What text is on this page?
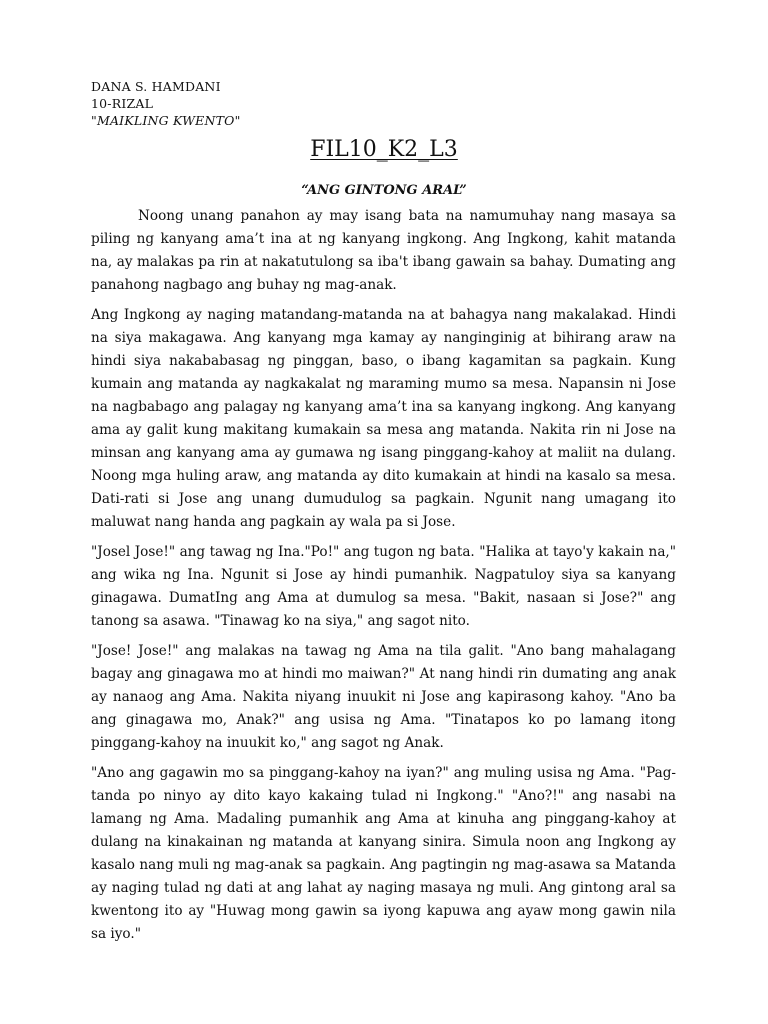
DANA S. HAMDANI
10-RIZAL
"MAIKLING KWENTO"
FIL10_K2_L3
“ANG GINTONG ARAL”

Noong unang panahon ay may isang bata na namumuhay nang masaya sa piling ng kanyang ama’t ina at ng kanyang ingkong. Ang Ingkong, kahit matanda na, ay malakas pa rin at nakatutulong sa iba't ibang gawain sa bahay. Dumating ang panahong nagbago ang buhay ng mag-anak.

Ang Ingkong ay naging matandang-matanda na at bahagya nang makalakad. Hindi na siya makagawa. Ang kanyang mga kamay ay nanginginig at bihirang araw na hindi siya nakababasag ng pinggan, baso, o ibang kagamitan sa pagkain. Kung kumain ang matanda ay nagkakalat ng maraming mumo sa mesa. Napansin ni Jose na nagbabago ang palagay ng kanyang ama’t ina sa kanyang ingkong. Ang kanyang ama ay galit kung makitang kumakain sa mesa ang matanda. Nakita rin ni Jose na minsan ang kanyang ama ay gumawa ng isang pinggang-kahoy at maliit na dulang. Noong mga huling araw, ang matanda ay dito kumakain at hindi na kasalo sa mesa. Dati-rati si Jose ang unang dumudulog sa pagkain. Ngunit nang umagang ito maluwat nang handa ang pagkain ay wala pa si Jose.

"Josel Jose!" ang tawag ng Ina."Po!" ang tugon ng bata. "Halika at tayo'y kakain na," ang wika ng Ina. Ngunit si Jose ay hindi pumanhik. Nagpatuloy siya sa kanyang ginagawa. DumatIng ang Ama at dumulog sa mesa. "Bakit, nasaan si Jose?" ang tanong sa asawa. "Tinawag ko na siya," ang sagot nito.

"Jose! Jose!" ang malakas na tawag ng Ama na tila galit. "Ano bang mahalagang bagay ang ginagawa mo at hindi mo maiwan?" At nang hindi rin dumating ang anak ay nanaog ang Ama. Nakita niyang inuukit ni Jose ang kapirasong kahoy. "Ano ba ang ginagawa mo, Anak?" ang usisa ng Ama. "Tinatapos ko po lamang itong pinggang-kahoy na inuukit ko," ang sagot ng Anak.

"Ano ang gagawin mo sa pinggang-kahoy na iyan?" ang muling usisa ng Ama. "Pag-tanda po ninyo ay dito kayo kakaing tulad ni Ingkong." "Ano?!" ang nasabi na lamang ng Ama. Madaling pumanhik ang Ama at kinuha ang pinggang-kahoy at dulang na kinakainan ng matanda at kanyang sinira. Simula noon ang Ingkong ay kasalo nang muli ng mag-anak sa pagkain. Ang pagtingin ng mag-asawa sa Matanda ay naging tulad ng dati at ang lahat ay naging masaya ng muli. Ang gintong aral sa kwentong ito ay "Huwag mong gawin sa iyong kapuwa ang ayaw mong gawin nila sa iyo."
